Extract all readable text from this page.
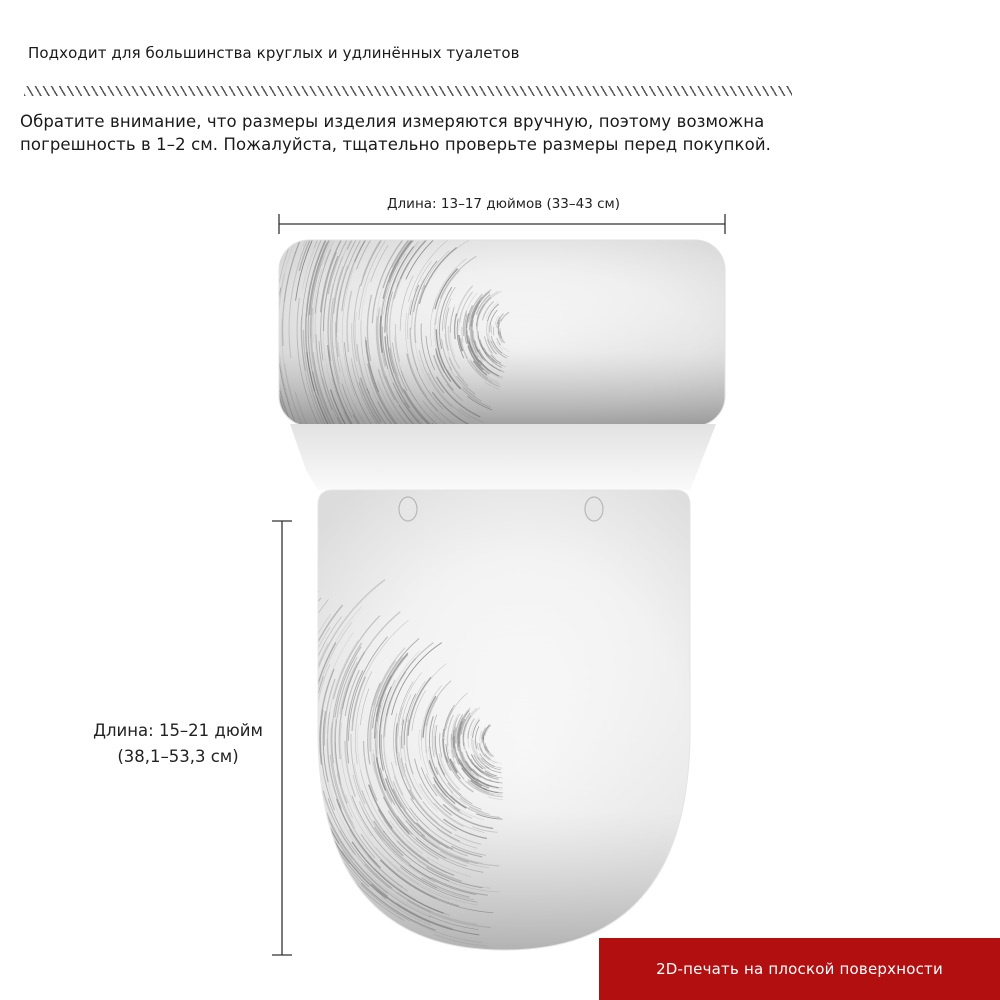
Подходит для большинства круглых и удлинённых туалетов
Обратите внимание, что размеры изделия измеряются вручную, поэтому возможна
погрешность в 1–2 см. Пожалуйста, тщательно проверьте размеры перед покупкой.
Длина: 13–17 дюймов (33–43 см)
Длина: 15–21 дюйм
(38,1–53,3 см)
2D-печать на плоской поверхности
